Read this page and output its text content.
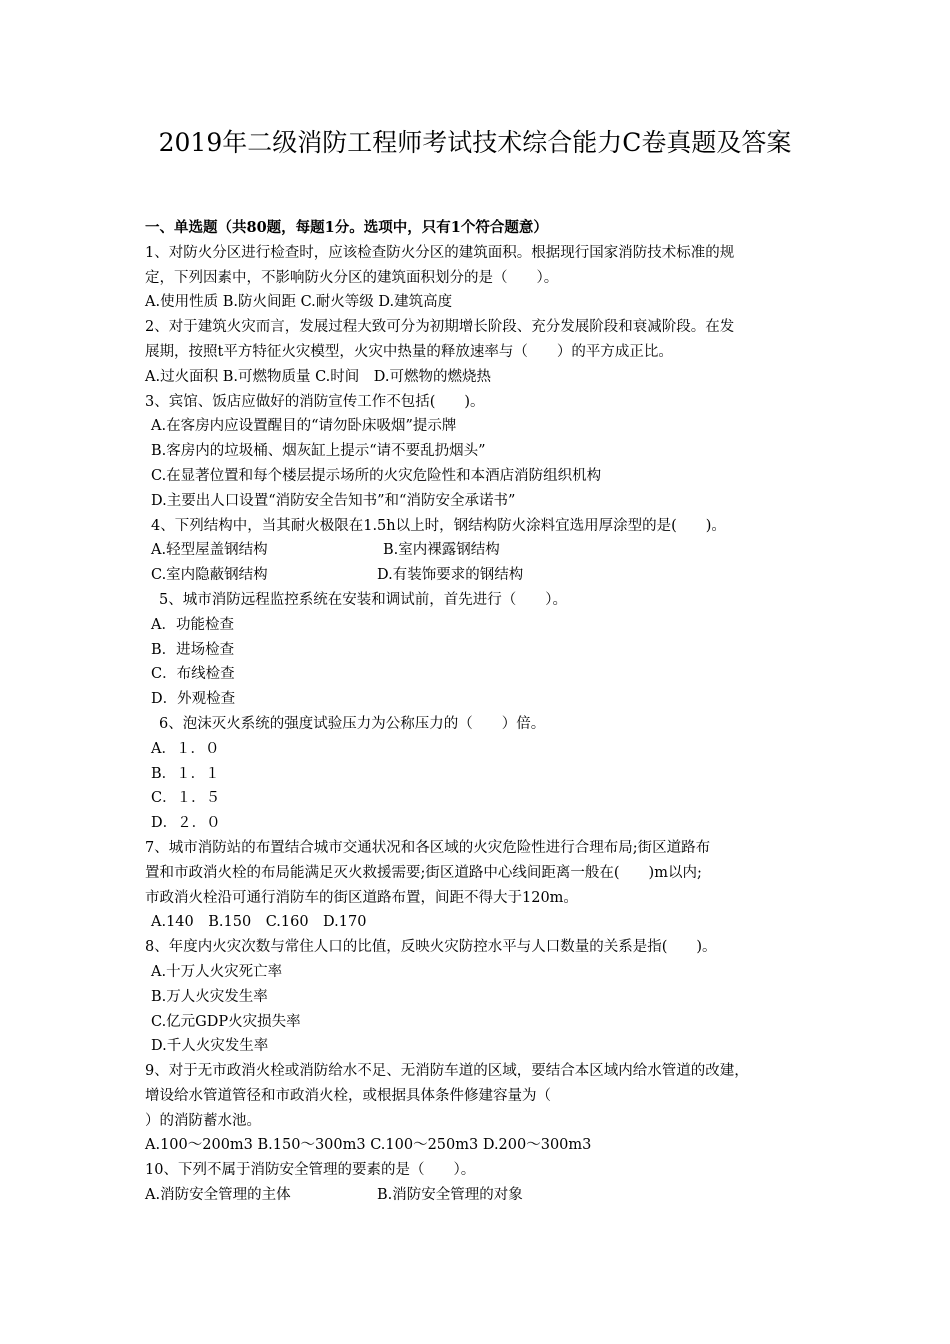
2019年二级消防工程师考试技术综合能力C卷真题及答案
一、单选题（共80题，每题1分。选项中，只有1个符合题意）
1、对防火分区进行检查时，应该检查防火分区的建筑面积。根据现行国家消防技术标准的规
定，下列因素中，不影响防火分区的建筑面积划分的是（　　）。
A.使用性质 B.防火间距 C.耐火等级 D.建筑高度
2、对于建筑火灾而言，发展过程大致可分为初期增长阶段、充分发展阶段和衰减阶段。在发
展期，按照t平方特征火灾模型，火灾中热量的释放速率与（　　）的平方成正比。
A.过火面积 B.可燃物质量 C.时间　D.可燃物的燃烧热
3、宾馆、饭店应做好的消防宣传工作不包括(　　)。
A.在客房内应设置醒目的“请勿卧床吸烟”提示牌
B.客房内的垃圾桶、烟灰缸上提示“请不要乱扔烟头”
C.在显著位置和每个楼层提示场所的火灾危险性和本酒店消防组织机构
D.主要出人口设置“消防安全告知书”和“消防安全承诺书”
4、下列结构中，当其耐火极限在1.5h以上时，钢结构防火涂料宜选用厚涂型的是(　　)。
A.轻型屋盖钢结构	B.室内裸露钢结构
C.室内隐蔽钢结构	D.有装饰要求的钢结构
5、城市消防远程监控系统在安装和调试前，首先进行（　　）。
A．功能检查
B．进场检查
C．布线检查
D．外观检查
6、泡沫灭火系统的强度试验压力为公称压力的（　　）倍。
A．１．０
B．１．１
C．１．５
D．２．０
7、城市消防站的布置结合城市交通状况和各区域的火灾危险性进行合理布局;街区道路布
置和市政消火栓的布局能满足灭火救援需要;街区道路中心线间距离一般在(　　)m以内;
市政消火栓沿可通行消防车的街区道路布置，间距不得大于120m。
A.140　B.150　C.160　D.170
8、年度内火灾次数与常住人口的比值，反映火灾防控水平与人口数量的关系是指(　　)。
A.十万人火灾死亡率
B.万人火灾发生率
C.亿元GDP火灾损失率
D.千人火灾发生率
9、对于无市政消火栓或消防给水不足、无消防车道的区域，要结合本区域内给水管道的改建，
增设给水管道管径和市政消火栓，或根据具体条件修建容量为（
）的消防蓄水池。
A.100～200m3 B.150～300m3 C.100～250m3 D.200～300m3
10、下列不属于消防安全管理的要素的是（　　）。
A.消防安全管理的主体	B.消防安全管理的对象
